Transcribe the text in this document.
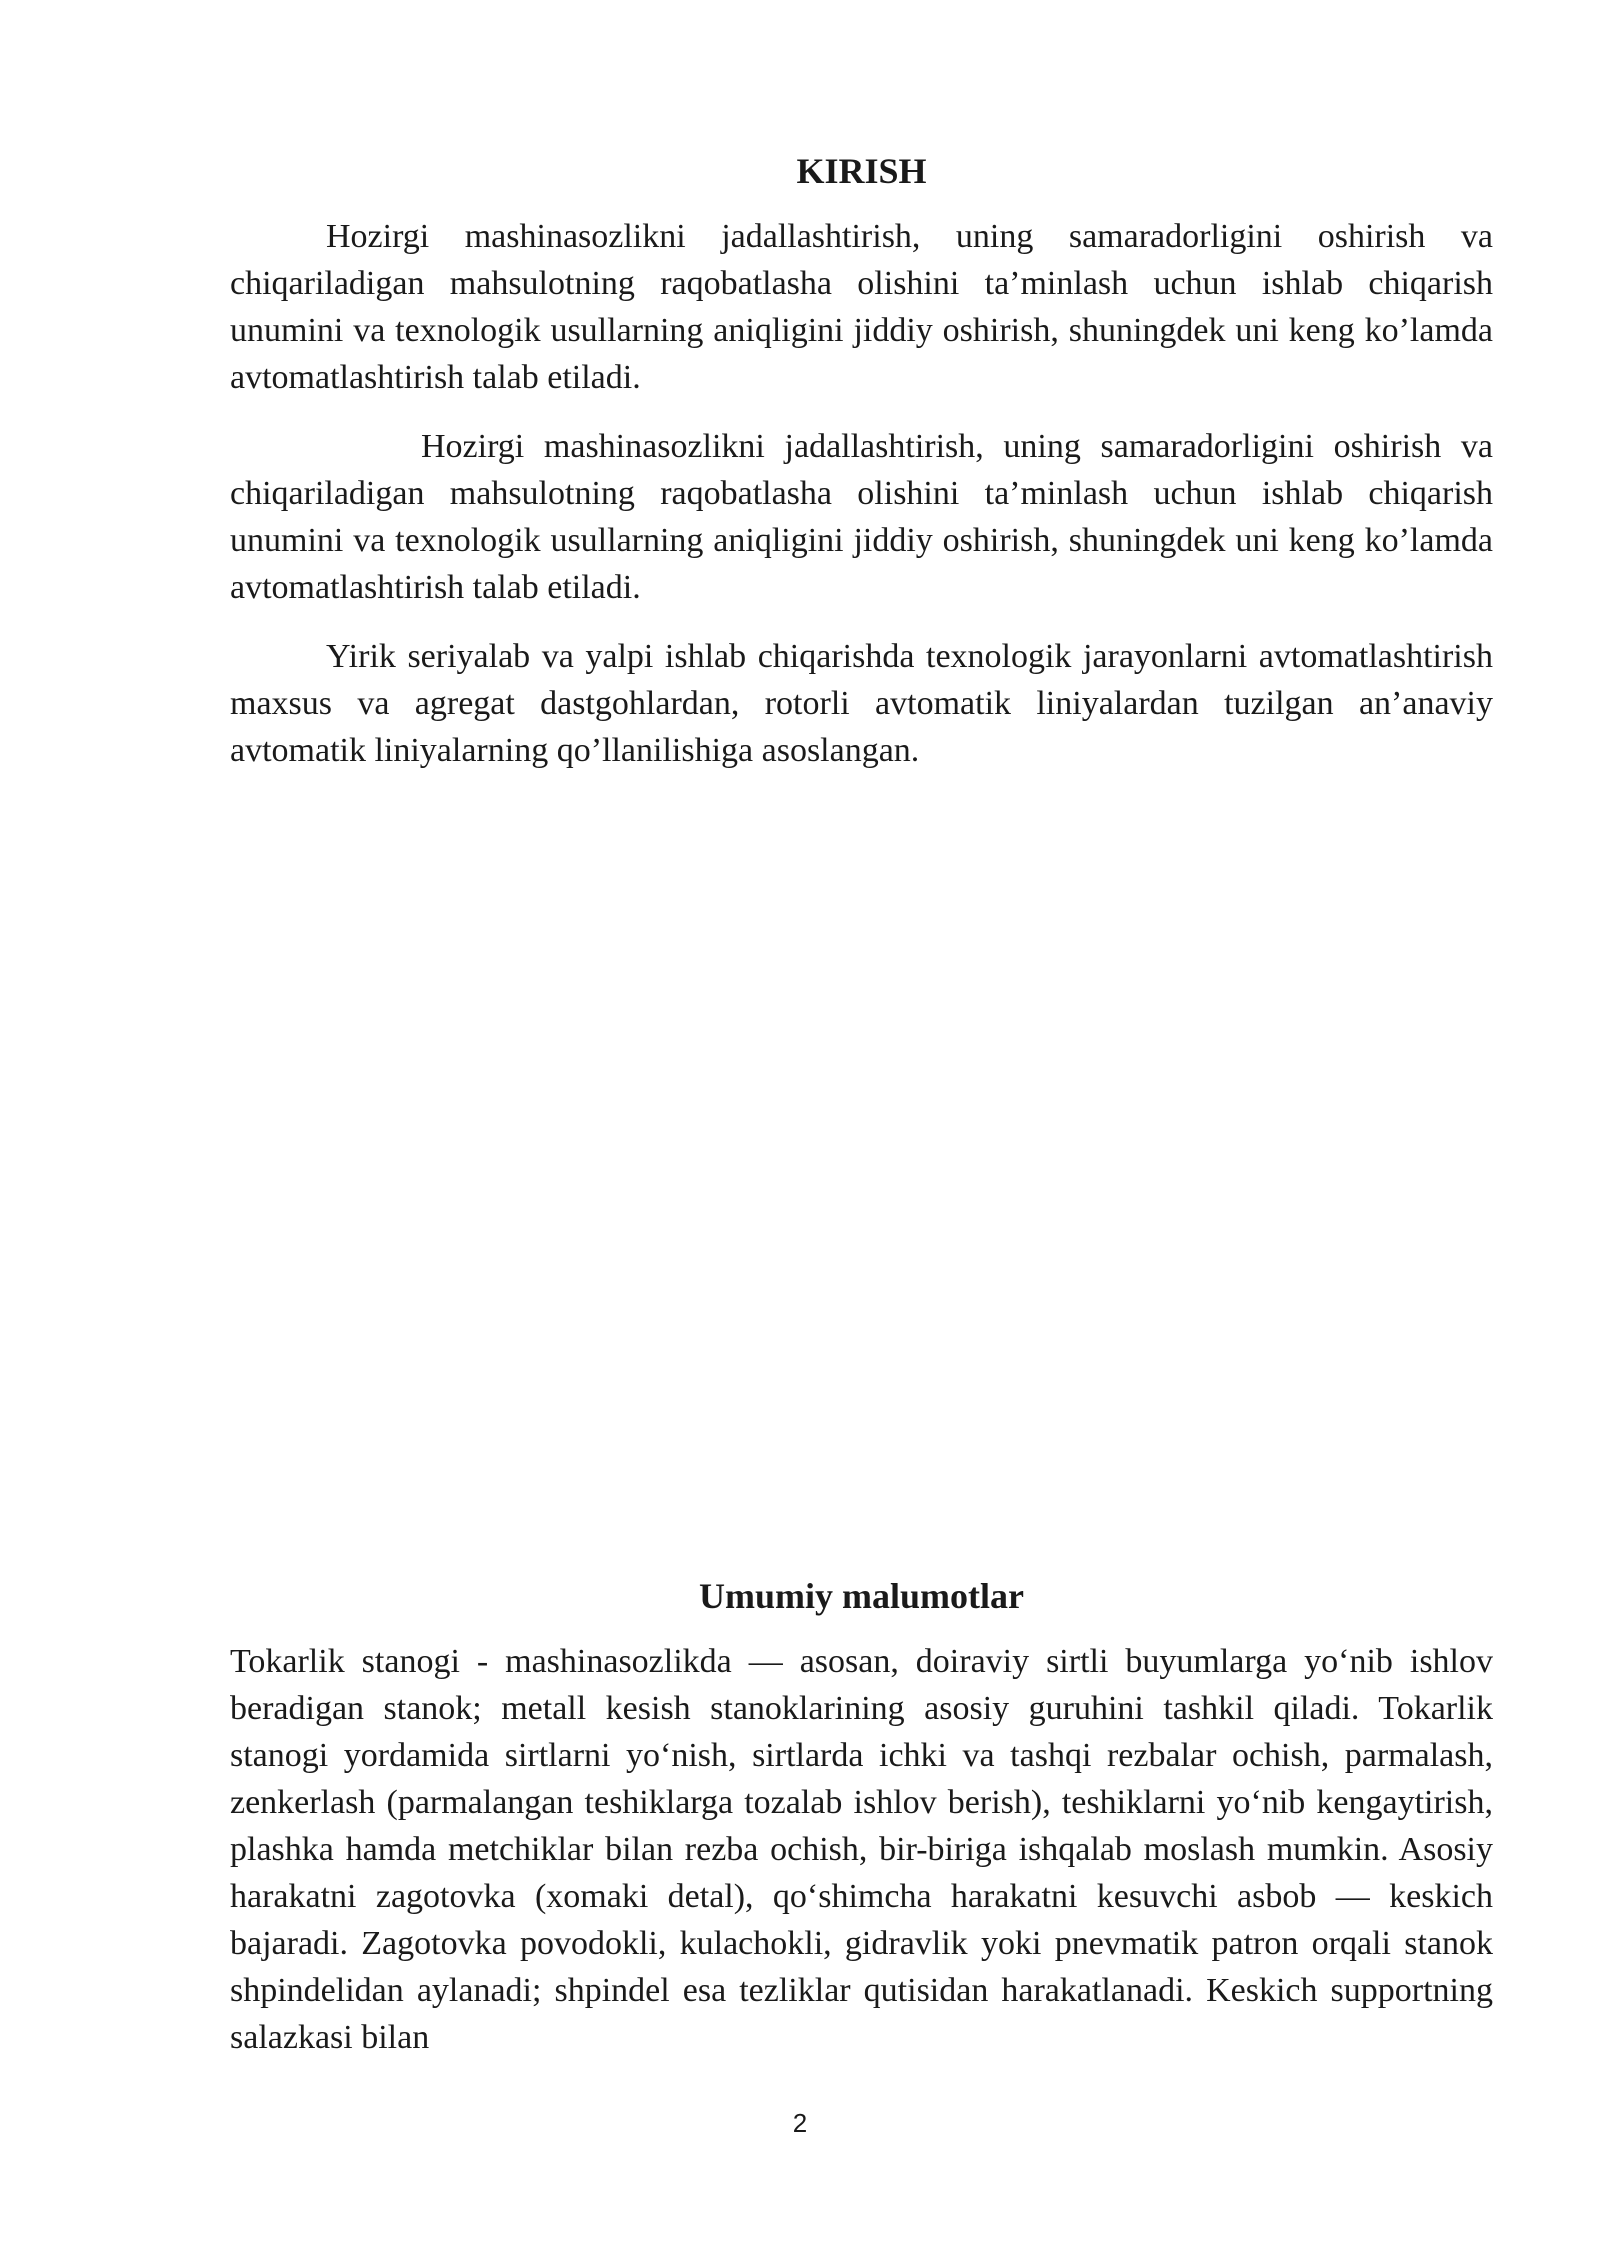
KIRISH

Hozirgi mashinasozlikni jadallashtirish, uning samaradorligini oshirish va chiqariladigan mahsulotning raqobatlasha olishini ta’minlash uchun ishlab chiqarish unumini va texnologik usullarning aniqligini jiddiy oshirish, shuningdek uni keng ko’lamda avtomatlashtirish talab etiladi.

Hozirgi mashinasozlikni jadallashtirish, uning samaradorligini oshirish va chiqariladigan mahsulotning raqobatlasha olishini ta’minlash uchun ishlab chiqarish unumini va texnologik usullarning aniqligini jiddiy oshirish, shuningdek uni keng ko’lamda avtomatlashtirish talab etiladi.

Yirik seriyalab va yalpi ishlab chiqarishda texnologik jarayonlarni avtomatlashtirish maxsus va agregat dastgohlardan, rotorli avtomatik liniyalardan tuzilgan an’anaviy avtomatik liniyalarning qo’llanilishiga asoslangan.

Umumiy malumotlar

Tokarlik stanogi - mashinasozlikda — asosan, doiraviy sirtli buyumlarga yo‘nib ishlov beradigan stanok; metall kesish stanoklarining asosiy guruhini tashkil qiladi. Tokarlik stanogi yordamida sirtlarni yo‘nish, sirtlarda ichki va tashqi rezbalar ochish, parmalash, zenkerlash (parmalangan teshiklarga tozalab ishlov berish), teshiklarni yo‘nib kengaytirish, plashka hamda metchiklar bilan rezba ochish, bir-biriga ishqalab moslash mumkin. Asosiy harakatni zagotovka (xomaki detal), qo‘shimcha harakatni kesuvchi asbob — keskich bajaradi. Zagotovka povodokli, kulachokli, gidravlik yoki pnevmatik patron orqali stanok shpindelidan aylanadi; shpindel esa tezliklar qutisidan harakatlanadi. Keskich supportning salazkasi bilan

2
